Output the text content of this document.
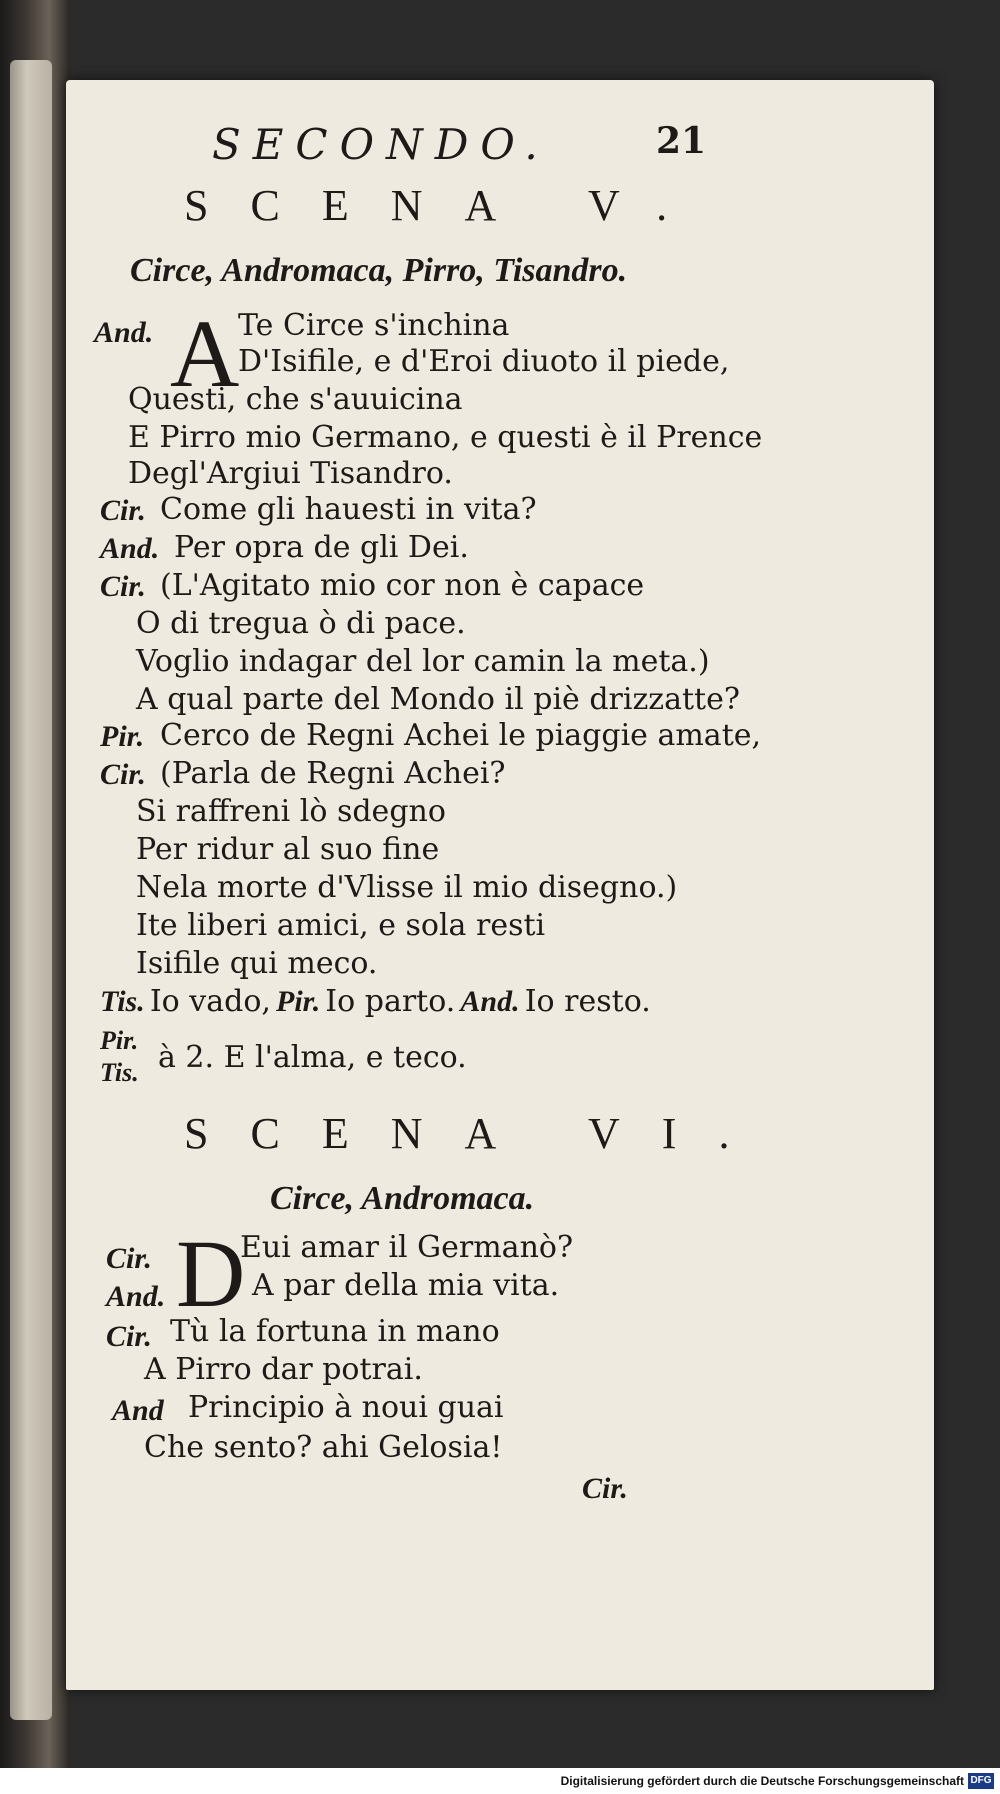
SECONDO.	21
SCENA V.
Circe, Andromaca, Pirro, Tisandro.
And. A
Te Circe s'inchina
D'Isifile, e d'Eroi diuoto il piede,
Questi, che s'auuicina
E Pirro mio Germano, e questi è il Prence
Degl'Argiui Tisandro.
Cir. Come gli hauesti in vita?
And. Per opra de gli Dei.
Cir. (L'Agitato mio cor non è capace
O di tregua ò di pace.
Voglio indagar del lor camin la meta.)
A qual parte del Mondo il piè drizzatte?
Pir. Cerco de Regni Achei le piaggie amate,
Cir. (Parla de Regni Achei?
Si raffreni lò sdegno
Per ridur al suo fine
Nela morte d'Vlisse il mio disegno.)
Ite liberi amici, e sola resti
Isifile qui meco.
Tis. Io vado, Pir. Io parto. And. Io resto.
Pir.
Tis. à 2. E l'alma, e teco.
SCENA VI.
Circe, Andromaca.
Cir. D
Eui amar il Germanò?
And.	A par della mia vita.
Cir. Tù la fortuna in mano
A Pirro dar potrai.
And Principio à noui guai
Che sento? ahi Gelosia!
Cir.
Digitalisierung gefördert durch die Deutsche Forschungsgemeinschaft DFG
